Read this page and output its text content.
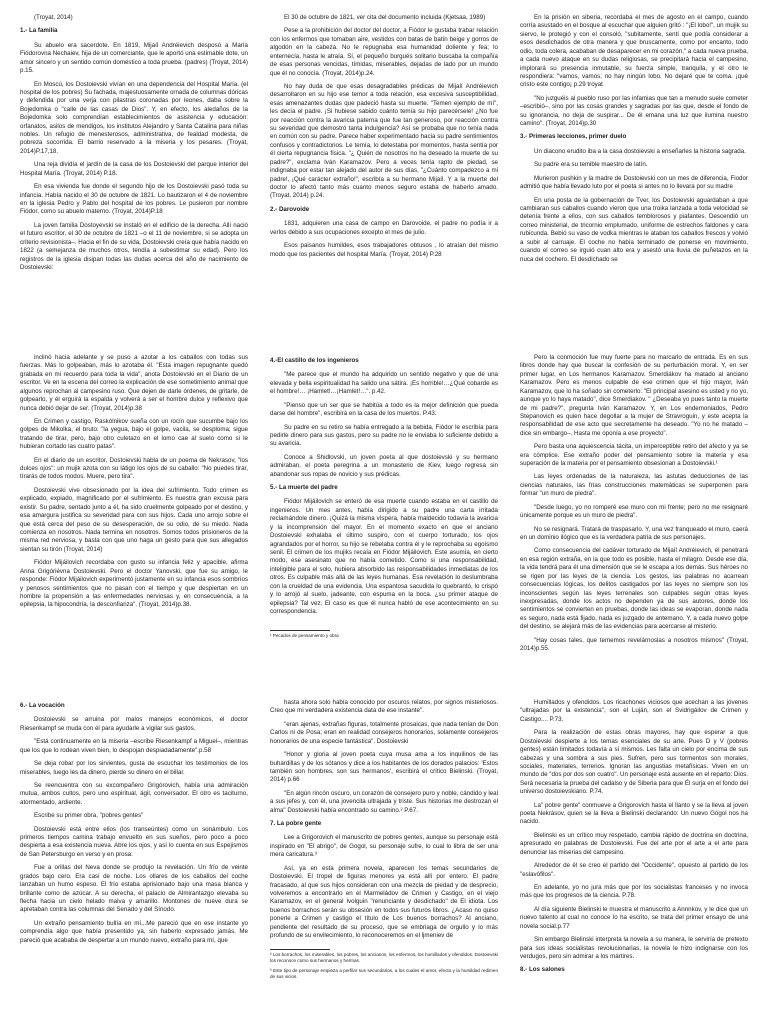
(Troyat, 2014)

1.- La familia

Su abuelo era sacerdote. En 1819, Mijaíl Andréievich desposó a María Fiódorovna Nechaiev, hija de un comerciante, que le aportó una estimable dote, un amor sincero y un sentido común doméstico a toda prueba. (padres) (Troyat, 2014) p.15.

En Moscú, los Dostoievski vivían en una dependencia del Hospital María. (el hospital de los pobres) Su fachada, majestuosamente ornada de columnas dóricas y defendida por una verja con pilastras coronadas por leones, daba sobre la Bojedomka o "calle de las casas de Dios". Y, en efecto, los aledaños de la Bojedomka solo comprendían establecimientos de asistencia y educación: orfanatos, asilos de mendigos, los institutos Alejandro y Santa Catalina para niñas nobles. Un refugio de menesterosos, administrativa, de fealdad modesta, de pobreza socorrida. El barrio reservado a la miseria y los pesares. (Troyat, 2014)P.17,18.

Una reja dividía el jardín de la casa de los Dostoievski del parque interior del Hospital María. (Troyat, 2014) P.18.

En esa vivienda fue donde el segundo hijo de los Dostoievski pasó toda su infancia. Había nacido el 30 de octubre de 1821. Lo bautizaron el 4 de noviembre en la iglesia Pedro y Pablo del hospital de los pobres. Le pusieron por nombre Fiódor, como su abuelo materno. (Troyat, 2014)P.18

La joven familia Dostoyevski se instaló en el edificio de la derecha. Allí nació el futuro escritor, el 30 de octubre de 1821 –o el 11 de noviembre, si se adopta un criterio revisionista–. Hacia el fin de su vida, Dostoievski creía que había nacido en 1822 (a semejanza de muchos otros, tendía a subestimar su edad). Pero los registros de la iglesia disipan todas las dudas acerca del año de nacimiento de Dostoievski:

El 30 de octubre de 1821, ver cita del documento incluida (Kjetsaa, 1989)

Pese a la prohibición del doctor del doctor, a Fiódor le gustaba trabar relación con los enfermos que tomaban aire, vestidos con batas de batín beige y gorros de algodón en la cabeza. No le repugnaba esa humanidad doliente y fea; lo enternecía, hasta le atraía. Sí, el pequeño burgués solitario buscaba la compañía de esas personas vencidas, tímidas, miserables, dejadas de lado por un mundo que él no conocía. (Troyat, 2014)p.24.

No hay duda de que esas desagradables prédicas de Mijaíl Andréievich desarrollaron en su hijo ese temor a toda relación, esa excesiva susceptibilidad, esas amenazantes dudas que padeció hasta su muerte. "Temen ejemplo de mí", les decía el padre. ¡Si hubiese sabido cuánto temía su hijo parecérsele! ¿No fue por reacción contra la avaricia paterna que fue tan generoso, por reacción contra su severidad que demostró tanta indulgencia? Así se probaba que no tenía nada en común con su padre. Parece haber experimentado hacia su padre sentimientos confusos y contradictorios. Le temía, lo detestaba por momentos, hasta sentía por él cierta repugnancia física. "¿ Quién de nosotros no ha deseado la muerte de su padre?", exclama Iván Karamazov. Pero a veces tenía rapto de piedad, se indignaba por estar tan alejado del autor de sus días, "¿Cuánto compadezco a mi padre!, ¡Qué carácter extraño!", escribía a su hermano Mijaíl. Y a la muerte del doctor lo afectó tanto más cuanto menos seguro estaba de haberlo amado. (Troyat, 2014) p.24.

2.- Darovoide

1831, adquieren una casa de campo en Darovoide, el padre no podía ir a verlos debido a sus ocupaciones excepto el mes de julio.

Esos paisanos humildes, esos trabajadores obtusos , lo atraían del mismo modo que los pacientes del hospital María. (Troyat, 2014) P.28

En la prisión en siberia, recordaba el mes de agosto en el campo, cuando corría asustado en el bosque al escuchar que alguien gritó : "¡El lobo!", un mujik su siervo, le protegió y con el consoló, "subitamente, sentí que podía considerar a esos desdichados de otra manera y que bruscamente, como por encanto, todo odio, toda colera, acababan de desaparecer en mi corazón," a cada nueva prueba, a cada nuevo ataque en su dudas religiosas, se precipitará hacia el campesino, implorará su presencia inmutable, su fuerza simple, tranquila, y el otro le respondiera: "vamos, vamos; no hay ningún lobo. No dejaré que te coma. ¡qué cristo este contigo¡ p.29 troyat

"No juzguéis al pueblo ruso por las infamias que tan a menudo suele cometer –escribió–, sino por las cosas grandes y sagradas por las que, desde el fondo de su ignorancia, no deja de suspirar... De él emana una luz que ilumina nuestro camino". (Troyat, 2014)p.30

3.- Primeras lecciones, primer duelo

Un diacono erudito iba a la casa dostoievski a enseñarles la historia sagrada.

Su padre era su temible maestro de latín.

Murieron pushkin y la madre de Dostoievski con un mes de diferencia, Fiodor admitió que había llevado luto por el poeta si antes no lo llevara por su madre

En una posta de la gobernación de Tver, los Dostoievski aguardaban a que cambiaran sus caballos cuando vieron que una troika lanzada a toda velocidad se detenía frente a ellos, con sus caballos temblorosos y piafantes. Descendió un correo ministerial, de tricornio emplumado, uniforme de estrechos faldones y cara rubicunda. Bebió su vaso de vodka mientras le ataban los caballos frescos y volvió a subir al carruaje. El coche no había terminado de ponerse en movimiento, cuando el correo se irguió cuan alto era y asestó una lluvia de puñetazos en la nuca del cochero. El desdichado se

inclinó hacia adelante y se puso a azotar a los caballos con todas sus fuerzas. Más lo golpeaban, más lo azotaba él. "Esta imagen repugnante quedó grabada en mi recuerdo para toda la vida", anota Dostoievski en el Diario de un escritor. Ve en la escena del correo la explicación de ese sometimiento animal que algunos reprochan al campesino ruso. Que dejen de darle órdenes, de gritarle, de golpearlo, y él erguirá la espalda y volverá a ser el hombre dulce y reflexivo que nunca debió dejar de ser. (Troyat, 2014)p.38

En Crimen y castigo, Raskólnikov sueña con un rocín que sucumbe bajo los golpes de Mikolka, el bruto: "la yegua, bajo el golpe, vacila, se desploma; sigue tratando de tirar, pero, bajo otro culetazo en el lomo cae al suelo como si le hubieran cortado las cuatro patas".

En el diario de un escritor, Dostoievski habla de un poema de Nekrasov, "los dulces ojos": un mujik azota con su látigo los ojos de su caballo: "No puedes tirar, tírarás de todos modos. Muere, pero tira".

Dostoievski vive obsesionado por la idea del sufrimiento. Todo crimen es explicado, expiado, magnificado por el sufrimiento. Es nuestra gran excusa para existir. Su padre, sentado junto a él, ha sido cruelmente golpeado por el destino, y esa amargura justifica su severidad para con sus hijos. Cada uno arrojo sobre el que está cerca del peso de su desesperación, de su odio, de su miedo. Nada comienza en nosotros. Nada termina en nosotros. Somos todos prisioneros de la misma red nerviosa, y basta con que uno haga un gesto para que sus allegados sientan su tirón (Troyat, 2014)

Fiódor Mijáilovich recordaba con gusto su infancia feliz y apacible, afirma Anna Grigóriévna Dostoievski. Pero el doctor Yanovski, que fue su amigo, le responde: Fiódor Mijáilovich experimentó justamente en su infancia esos sombríos y penosos sentimientos que no pasan con el tiempo y que despiertan en un hombre la propensión a las enfermedades nerviosas y, en consecuencia, a la epilepsia, la hipocondría, la desconfianza". (Troyat, 2014)p.38.

4.-El castillo de los ingenieros

"Me parece que el mundo ha adquirido un sentido negativo y que de una elevada y bella espiritualidad ha salido una sátira. ¡Es horrible!…¿Qué cobarde es el hombre!… ¡Hamlet!…¡Hamlet!…". p.42.

"Pienso que un ser que se habitúa a todo es la mejor definición que pueda darse del hombre", escribirá en la casa de los muertos. P.43.

Su padre en su retiro se había entregado a la bebida, Fiódor le escribía para pedirle dinero para sus gastos, pero su padre no le enviaba lo suficiente debido a su avaricia.

Conoce a Shidlovski, un joven poeta al que dostoievski y su hermano admiraban, el poeta peregrina a un monasterio de Kiev, luego regresa sin abandonar sus ropas de novicio y sus prédicas.

5.- La muerte del padre

Fiódor Mijáilovich se enteró de esa muerte cuando estaba en el castillo de ingenieros. Un mes antes, había dirigido a su padre una carta irritada reclamándole dinero. ¡Quizá la misma víspera, había maldecido todavía la avaricia y la incomprensión del mayor. En el momento exacto en que el anciano Dostoievski exhalaba el último suspiro, con el cuerpo torturado, los ojos agrandados por el horror, su hijo se rebelaba contra él y le reprochaba su egoísmo senil. El crimen de los mujiks recaía en Fiódor Mijáilovich. Este asumía, en cierto modo, ese asesinato que no había cometido. Como si una responsabilidad, inteligible para el solo, hubiera absorbido las responsabilidades inmediatas de los otros. Es culpable más allá de las leyes humanas. Esa revelación lo deslumbraba con la crueldad de una evidencia. Una espantosa sacudida lo quebrantó, lo crispó y lo arrojó al suelo, jadeante, con espuma en la boca. ¿su primer ataque de epilepsia? Tal vez. El caso es que él nunca habló de ese acontecimiento en su correspondencia.

Pero la conmoción fue muy fuerte para no marcarlo de entrada. Es en sus libros donde hay que buscar la confesión de su perturbación moral. Y, en ser primer lugar, en Los hermanos Karamazov. Smerdiákov ha matado al anciano Karamazov. Pero es menos culpable de ese crimen que el hijo mayor, Iván Karamazov, que lo ha soñado sin cometerlo: "El principal asesino es usted y no yo, aunque yo lo haya matado", dice Smerdiakov. " ¿Deseaba yo pues tanto la muerte de mi padre?", pregunta Iván Karamazov. Y, en Los endemoniados, Pedro Stepanovich es quien hace degollar a la mujer de Stravroguin, y este acepta la responsabilidad de ese acto que secretamente ha deseado. "Yo no he matado –dice sin embargo–. Hasta me oponía a ese proyecto".

Pero basta una aquiescencia tácita, un imperceptible retiro del afecto y ya se era cómplice. Ese extraño poder del pensamiento sobre la materia y esa superación de la materia por el pensamiento obsesionan a Dostoievski.¹

Las leyes ordenadas de la naturaleza, las astutas deducciones de las ciencias naturales, las frías construcciones matemáticas se superponen para formar "un muro de piedra".

"Desde luego, yo no romperé ese muro con mi frente; pero no me resignaré únicamente porque es un muro de piedra".

No se resignará. Tratará de traspasarlo. Y, una vez franqueado el muro, caerá en un dominio ilógico que es la verdadera patria de sus personajes.

Como consecuencia del cadáver torturado de Mijaíl Andréievich, él penetrará en esa región extraña, en la que todo es posible, hasta el milagro. Desde ese día, la vida tendrá para él una dimensión que se le escapa a los demás. Sus héroes no se rigen por las leyes de la ciencia. Los gestos, las palabras no acarrean consecuencias lógicas, los delitos castigados por las leyes no siempre son los inconscientes según las leyes terrenales son culpables según otras leyes inexpresadas, donde los actos no dependen ya de sus autores, donde los sentimientos se convierten en pruebas, donde las ideas se evaporan, donde nada es seguro, nada está fijado, nada es juzgado de antemano. Y, a cada nuevo golpe del destino, se alejará más de las evidencias para acercarse al misterio.

"Hay cosas tales, que tememos revelárnoslas a nosotros mismos" (Troyat, 2014)p.55.

¹ Pecados de pensamiento y obra
6.- La vocación

Dostoievski se arruina por malos manejos económicos, el doctor Riesenkampf se muda con él para ayudarle a vigilar sus gastos.

"Está continuamente en la miseria –escribe Riesenkampf a Miguel–, mientras que los que lo rodean viven bien, lo despojan despiadadamente".p.58

Se deja robar por los sirvientes, gusta de escuchar los testimonios de los miserables, luego les da dinero, pierde su dinero en el billar.

Se reencuentra con su excompañero Grigórovich, había una admiración mutua, ambos cultos, pero uno espiritual, ágil, conversador. El otro es taciturno, atormentado, ardiente.

Escribe su primer obra, "pobres gentes"

Dostoievski está entre ellos (los transeúntes) como un sonámbulo. Los primeros tiempos camina trabajo envuelto en sus sueños, pero poco a poco despierta a esa existencia nueva. Abre los ojos, y así lo cuenta en sus Espejismos de San Petersburgo en verso y en prosa:

Fue a orillas del Neva donde se produjo la revelación. Un frío de veinte grados bajo cero. Era casi de noche. Los ollares de los caballos del coche lanzaban un humo espeso. El frío estaba aprisionado bajo una masa blanca y brillante como de azúcar. A su derecha, el palacio de Almirantazgo elevaba su flecha hacia un cielo helado malva y amarillo. Montones de nueve dura se apretaban contra las columnas del Senado y del Sínodo.

Un extraño pensamiento bullía en mí,..Me pareció que en ese instante yo comprendía algo que había presentido ya, sin haberlo expresado jamás. Me pareció que acababa de despertar a un mundo nuevo, extraño para mí, que

hasta ahora solo había conocido por oscuros relatos, por signos misteriosos. Creo que mi verdadera existencia data de ese instante".

"eran ajenas, extrañas figuras, totalmente prosaicas, que nada tenían de Don Carlos ni de Posa; eran en realidad consejeros honorarios, solamente consejeros honorarios de una especie fantástica". Dostoievski

"Honor y gloria al joven poeta cuya musa ama a los inquilinos de las buhardillas y de los sótanos y dice a los habitantes de los dorados palacios: 'Estos también son hombres, son sus hermanos', escribirá el crítico Bielinski. (Troyat, 2014) p.66

"En algún rincón oscuro, un corazón de consejero puro y noble, cándido y leal a sus jefes y, con él, una jovencita ultrajada y triste. Sus historias me destrozan el alma" Dostoievski había encontrado su camino.² P.67.

7. La pobre gente

Lee a Grigorovich el manuscrito de pobres gentes, aunque su personaje está inspirado en "El abrigo", de Gogol, su personaje sufre, lo cual lo libra de ser una mera caricatura.³

Así, ya en esta primera novela, aparecen los temas secundarios de Dostoievski. El tropel de figuras menores ya está allí por entero. El padre fracasado, al que sus hijos consideran con una mezcla de piedad y de desprecio, volveremos a encontrarlo en el Marmeládov de Crimen y Castigo, en el viejo Karamazov, en el general Ivolguin "renunciante y desdichado" de El idiota. Los buenos borrachos serán su obsesión en todos sus futuros libros. ¿Acaso no quiso ponerle a Crimen y castigo el título de Los buenos borrachos? Al anciano, pendiente del resultado de su proceso, que se embriaga de orgullo y lo más profundo de su envilecimiento, lo reconoceremos en el ljmeniev de

² Los borrachos, los miserables, los pobres, los ancianos, los enfermos, los humillados y ofendidos. Dostoievski los reconoce como sus hermanos y hermas.

³ Este tipo de personaje empieza a perfilar sus secundarios, a los cuales el amor, efecto y la humildad redimen de sus vicios.

Humillados y ofendidos. Los ricachones viciosos que acechan a las jóvenes "ultrajadas por la existencia", son el Luján, son el Svidrigáilov de Crimen y Castigo.... P.73.

Para la realización de estas obras mayores, hay que esperar a que Dostoievski despierte a los temas esenciales de su arte. Pues D y V (pobres gentes) están limitados todavía a sí mismos. Les falta un cielo por encima de sus cabezas y una sombra a sus pies. Sufren, pero sus tormentos son morales, sociales, materiales, terrenos. Ignoran las angustias metafísicas. Viven en un mundo de "dos por dos son cuatro". Un personaje está ausente en el reparto: Dios. Será necesaria la prueba del cadalso y de Siberia para que Él surja en el fondo del universo dostoievskiano. P.74.

La" pobre gente" conmueve a Grigorovich hasta el llanto y se la lleva al joven poeta Nekrásov, quien se la lleva a Bielinski declarando: Un nuevo Gógol nos ha nacido.

Bielinski es un crítico muy respetado, cambia rápido de doctrina en doctrina, apresurado en palabras de Dostoievski. Fue del arte por el arte a el arte para denunciar las miserias del campesino.

Alrededor de él se creo el partido del "Occidente", opuesto al partido de los "eslavófilos".

En adelante, yo no jura más que por los socialistas franceses y no invoca más que los progresos de la ciencia. P.78.

Al día siguiente Bielinski le muestra el manuscrito a Annnkov, y le dice que un nuevo talento al cual no conoce lo ha escrito, se trata del primer ensayo de una novela social.p.77

Sin embargo Bielinski interpreta la novela a su manera, le serviría de pretexto para sus ideas socialistas revolucionarias, la novela le hizo indignarse con los verdugos, pero sin admirar a los mártires.

8.- Los salones
